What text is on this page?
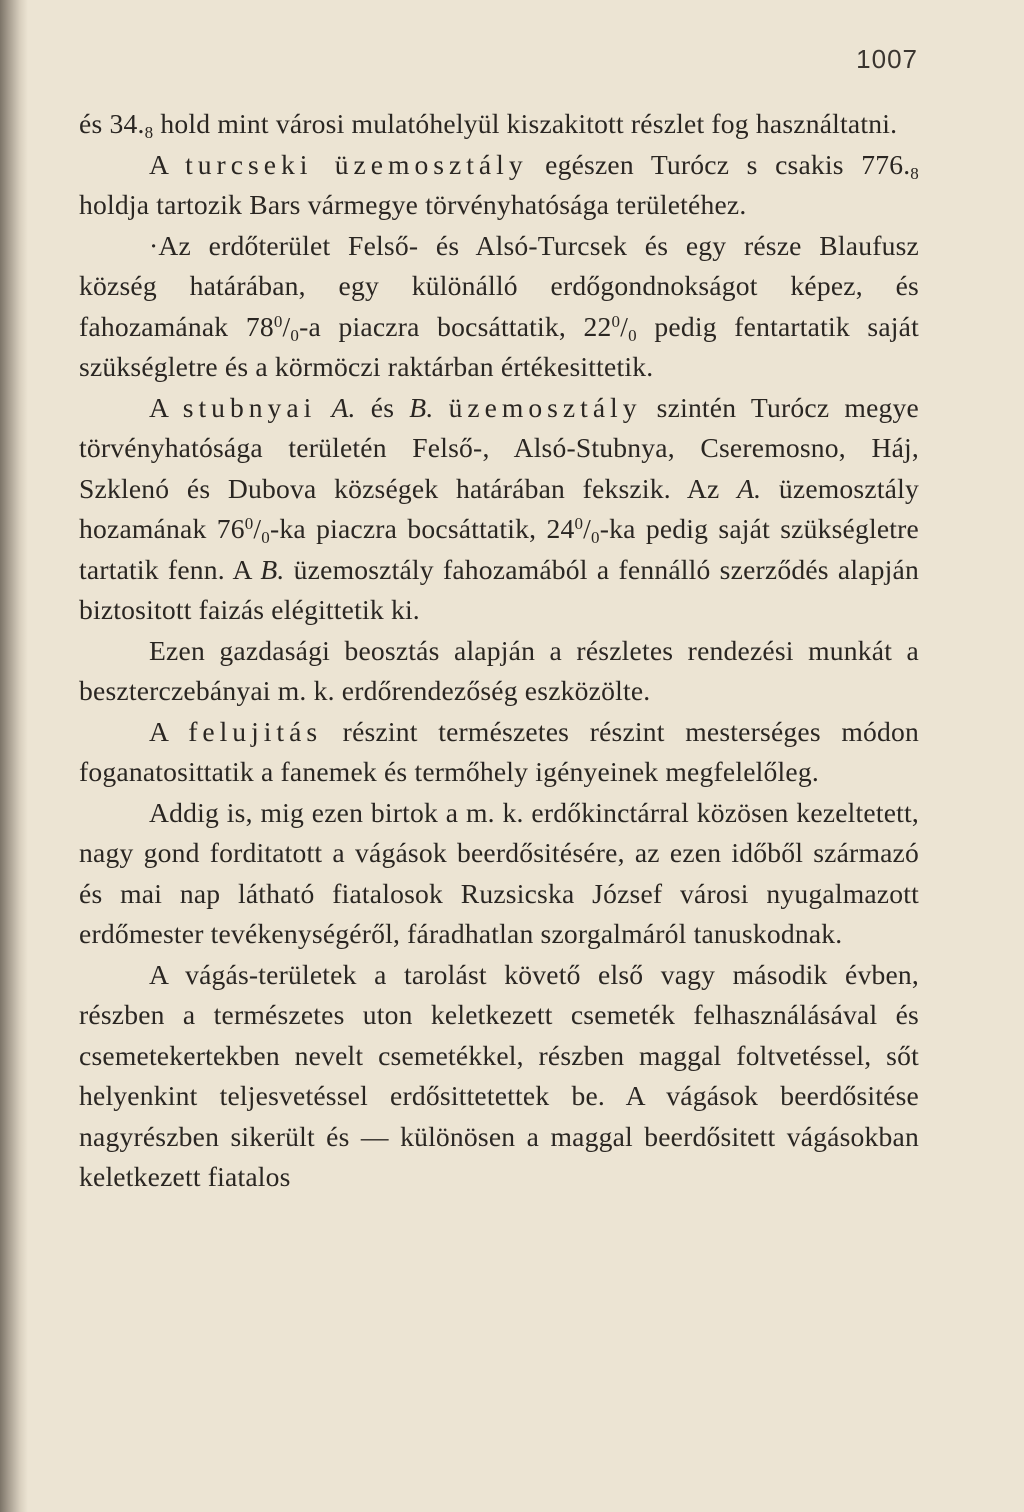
1007

és $34._8$ hold mint városi mulatóhelyül kiszakitott részlet fog használtatni.

A turcseki üzemosztály egészen Turócz s csakis $776._8$ holdja tartozik Bars vármegye törvényhatósága területéhez.

·Az erdőterület Felső- és Alsó-Turcsek és egy része Blaufusz község határában, egy különálló erdőgondnokságot képez, és fahozamának $78^0/_0-a$ piaczra bocsáttatik, $22^0/_0$ pedig fentartatik saját szükségletre és a körmöczi raktárban értékesittetik.

A stubnyai A. és B. üzemosztály szintén Turócz megye törvényhatósága területén Felső-, Alsó-Stubnya, Cseremosno, Háj, Szklenó és Dubova községek határában fekszik. Az A. üzemosztály hozamának $76^0/_0-ka$ piaczra bocsáttatik, $24^0/_0-ka$ pedig saját szükségletre tartatik fenn. A B. üzemosztály fahozamából a fennálló szerződés alapján biztositott faizás elégittetik ki.

Ezen gazdasági beosztás alapján a részletes rendezési munkát a beszterczebányai m. k. erdőrendezőség eszközölte.

A felujitás részint természetes részint mesterséges módon foganatosittatik a fanemek és termőhely igényeinek megfelelőleg.

Addig is, mig ezen birtok a m. k. erdőkinctárral közösen kezeltetett, nagy gond forditatott a vágások beerdősitésére, az ezen időből származó és mai nap látható fiatalosok Ruzsicska József városi nyugalmazott erdőmester tevékenységéről, fáradhatlan szorgalmáról tanuskodnak.

A vágás-területek a tarolást követő első vagy második évben, részben a természetes uton keletkezett csemeték felhasználásával és csemetekertekben nevelt csemetékkel, részben maggal foltvetéssel, sőt helyenkint teljesvetéssel erdősittetettek be. A vágások beerdősitése nagyrészben sikerült és — különösen a maggal beerdősitett vágásokban keletkezett fiatalos
